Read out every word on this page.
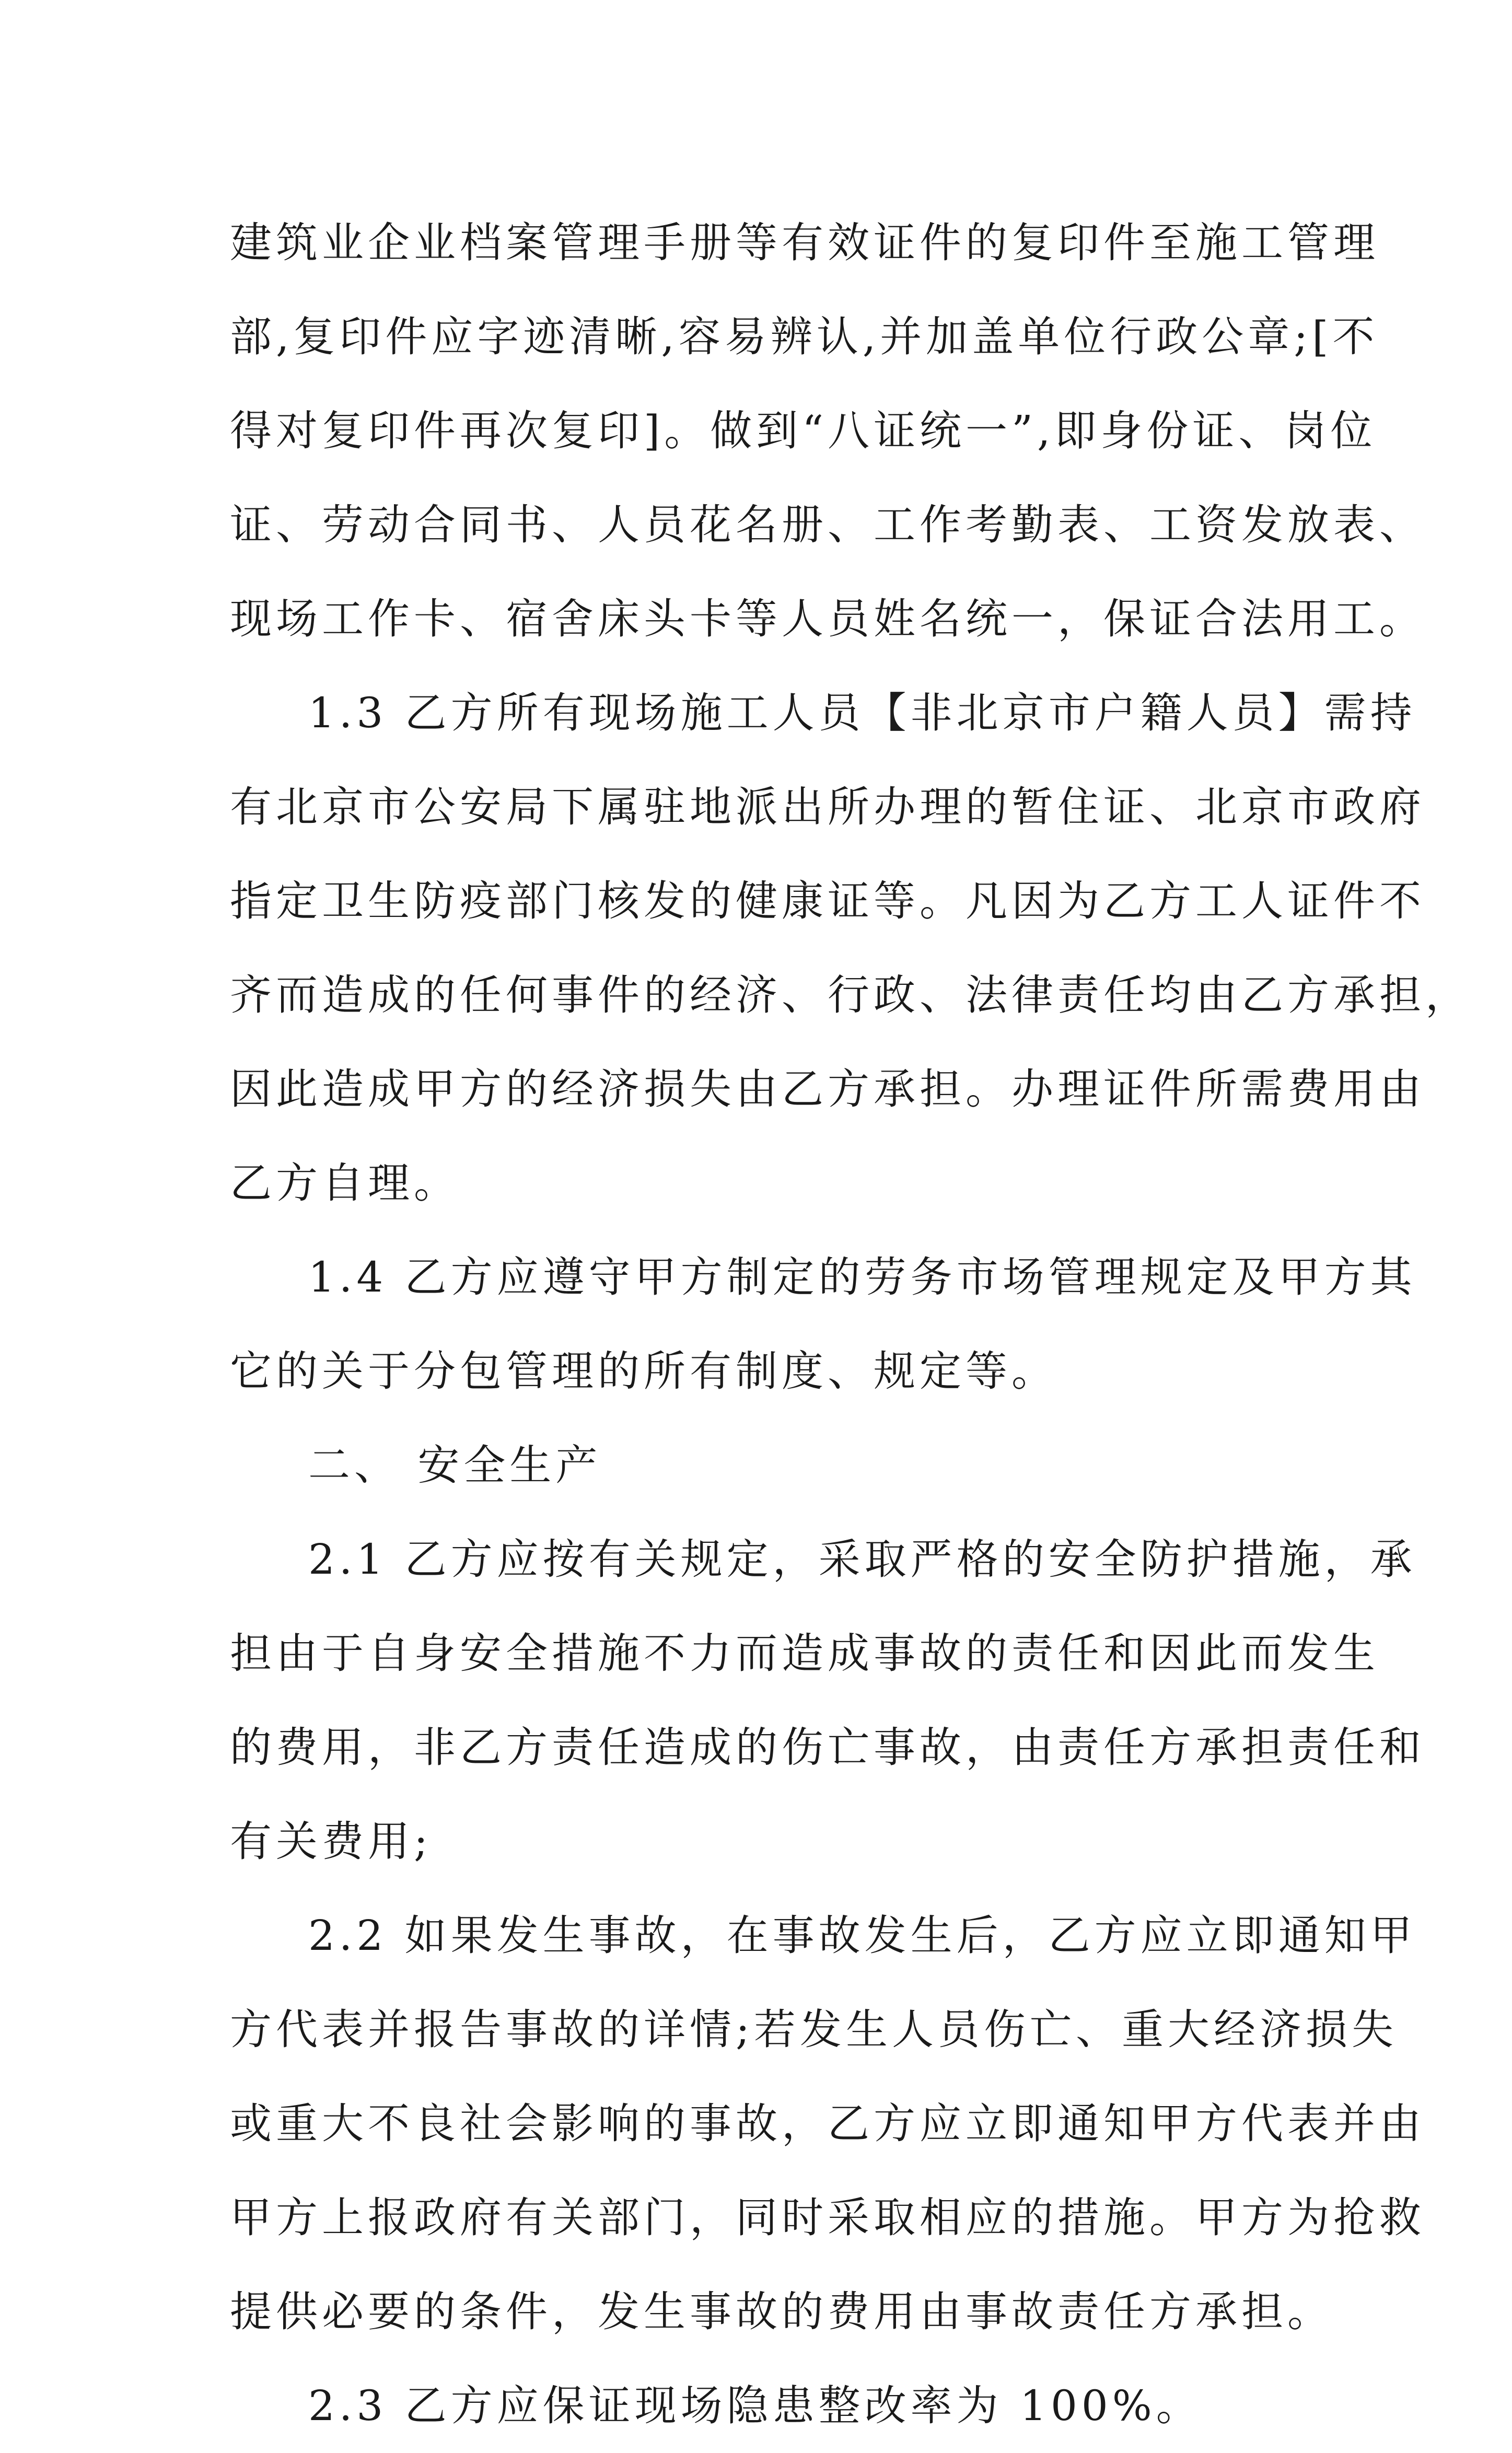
建筑业企业档案管理手册等有效证件的复印件至施工管理
部,复印件应字迹清晰,容易辨认,并加盖单位行政公章;[不
得对复印件再次复印]。做到“八证统一”,即身份证、岗位
证、劳动合同书、人员花名册、工作考勤表、工资发放表、
现场工作卡、宿舍床头卡等人员姓名统一，保证合法用工。
1.3 乙方所有现场施工人员【非北京市户籍人员】需持
有北京市公安局下属驻地派出所办理的暂住证、北京市政府
指定卫生防疫部门核发的健康证等。凡因为乙方工人证件不
齐而造成的任何事件的经济、行政、法律责任均由乙方承担，
因此造成甲方的经济损失由乙方承担。办理证件所需费用由
乙方自理。
1.4 乙方应遵守甲方制定的劳务市场管理规定及甲方其
它的关于分包管理的所有制度、规定等。
二、 安全生产
2.1 乙方应按有关规定，采取严格的安全防护措施，承
担由于自身安全措施不力而造成事故的责任和因此而发生
的费用，非乙方责任造成的伤亡事故，由责任方承担责任和
有关费用;
2.2 如果发生事故，在事故发生后，乙方应立即通知甲
方代表并报告事故的详情;若发生人员伤亡、重大经济损失
或重大不良社会影响的事故，乙方应立即通知甲方代表并由
甲方上报政府有关部门，同时采取相应的措施。甲方为抢救
提供必要的条件，发生事故的费用由事故责任方承担。
2.3 乙方应保证现场隐患整改率为 100%。
